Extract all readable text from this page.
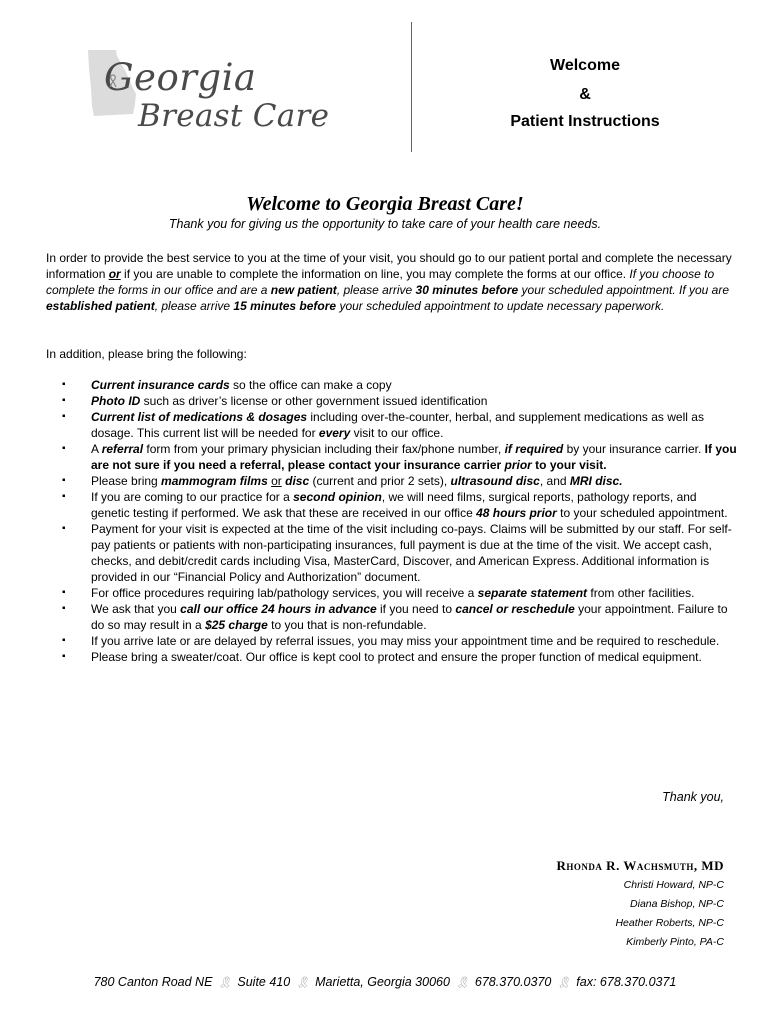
Georgia
Breast Care
Welcome
&
Patient Instructions
Welcome to Georgia Breast Care!
Thank you for giving us the opportunity to take care of your health care needs.
In order to provide the best service to you at the time of your visit, you should go to our patient portal and complete the necessary information or if you are unable to complete the information on line, you may complete the forms at our office. If you choose to complete the forms in our office and are a new patient, please arrive 30 minutes before your scheduled appointment. If you are established patient, please arrive 15 minutes before your scheduled appointment to update necessary paperwork.
In addition, please bring the following:
▪ Current insurance cards so the office can make a copy
▪ Photo ID such as driver’s license or other government issued identification
▪ Current list of medications & dosages including over-the-counter, herbal, and supplement medications as well as dosage. This current list will be needed for every visit to our office.
▪ A referral form from your primary physician including their fax/phone number, if required by your insurance carrier. If you are not sure if you need a referral, please contact your insurance carrier prior to your visit.
▪ Please bring mammogram films or disc (current and prior 2 sets), ultrasound disc, and MRI disc.
▪ If you are coming to our practice for a second opinion, we will need films, surgical reports, pathology reports, and genetic testing if performed. We ask that these are received in our office 48 hours prior to your scheduled appointment.
▪ Payment for your visit is expected at the time of the visit including co-pays. Claims will be submitted by our staff. For self-pay patients or patients with non-participating insurances, full payment is due at the time of the visit. We accept cash, checks, and debit/credit cards including Visa, MasterCard, Discover, and American Express. Additional information is provided in our “Financial Policy and Authorization” document.
▪ For office procedures requiring lab/pathology services, you will receive a separate statement from other facilities.
▪ We ask that you call our office 24 hours in advance if you need to cancel or reschedule your appointment. Failure to do so may result in a $25 charge to you that is non-refundable.
▪ If you arrive late or are delayed by referral issues, you may miss your appointment time and be required to reschedule.
▪ Please bring a sweater/coat. Our office is kept cool to protect and ensure the proper function of medical equipment.
Thank you,
Rhonda R. Wachsmuth, MD
Christi Howard, NP-C
Diana Bishop, NP-C
Heather Roberts, NP-C
Kimberly Pinto, PA-C
780 Canton Road NE 🎗 Suite 410 🎗 Marietta, Georgia 30060 🎗 678.370.0370 🎗 fax: 678.370.0371
